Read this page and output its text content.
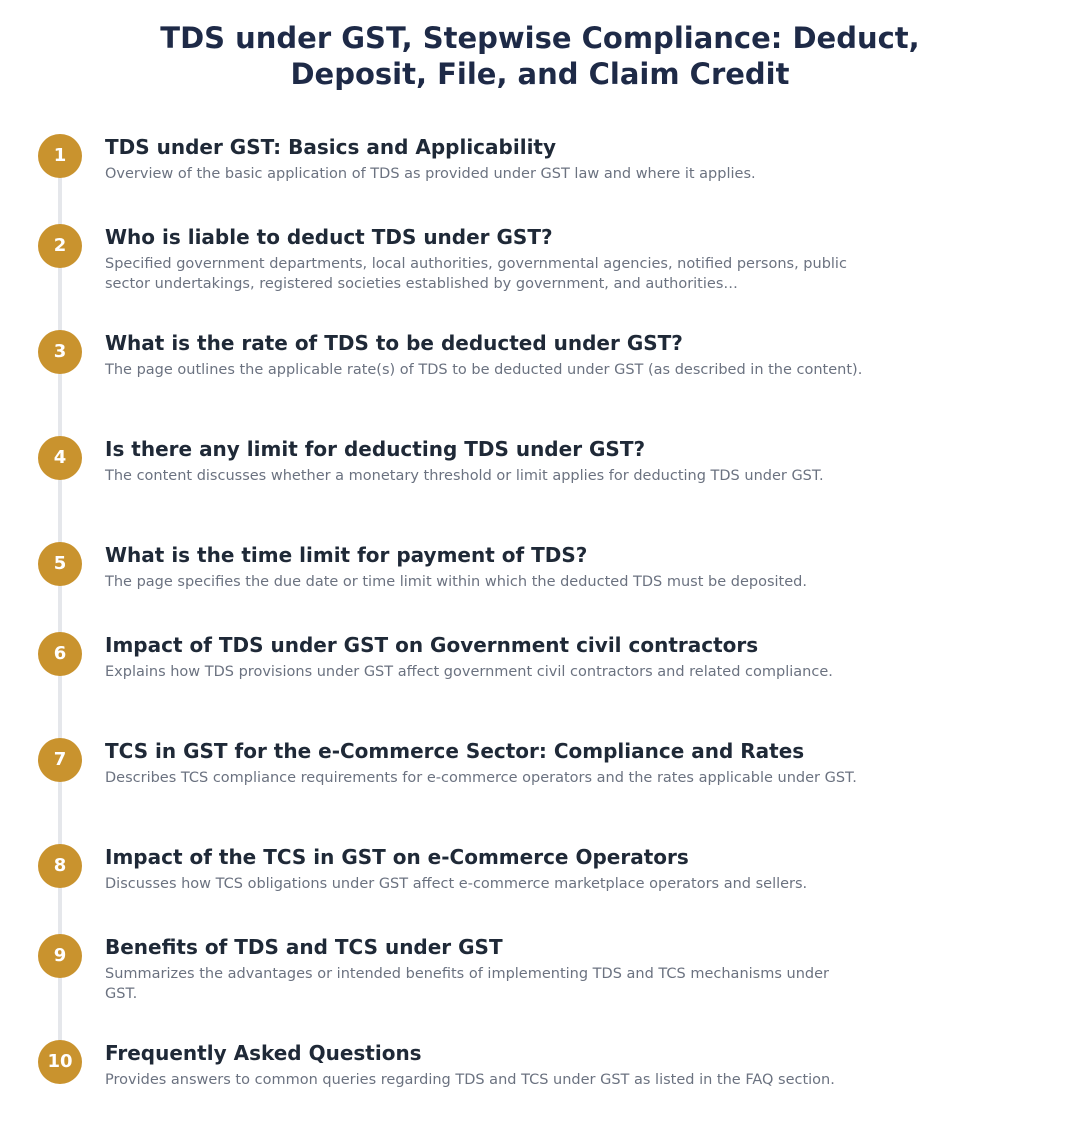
TDS under GST, Stepwise Compliance: Deduct,
Deposit, File, and Claim Credit
1	TDS under GST: Basics and Applicability
Overview of the basic application of TDS as provided under GST law and where it applies.
2	Who is liable to deduct TDS under GST?
Specified government departments, local authorities, governmental agencies, notified persons, public sector undertakings, registered societies established by government, and authorities…
3	What is the rate of TDS to be deducted under GST?
The page outlines the applicable rate(s) of TDS to be deducted under GST (as described in the content).
4	Is there any limit for deducting TDS under GST?
The content discusses whether a monetary threshold or limit applies for deducting TDS under GST.
5	What is the time limit for payment of TDS?
The page specifies the due date or time limit within which the deducted TDS must be deposited.
6	Impact of TDS under GST on Government civil contractors
Explains how TDS provisions under GST affect government civil contractors and related compliance.
7	TCS in GST for the e-Commerce Sector: Compliance and Rates
Describes TCS compliance requirements for e-commerce operators and the rates applicable under GST.
8	Impact of the TCS in GST on e-Commerce Operators
Discusses how TCS obligations under GST affect e-commerce marketplace operators and sellers.
9	Benefits of TDS and TCS under GST
Summarizes the advantages or intended benefits of implementing TDS and TCS mechanisms under GST.
10	Frequently Asked Questions
Provides answers to common queries regarding TDS and TCS under GST as listed in the FAQ section.
